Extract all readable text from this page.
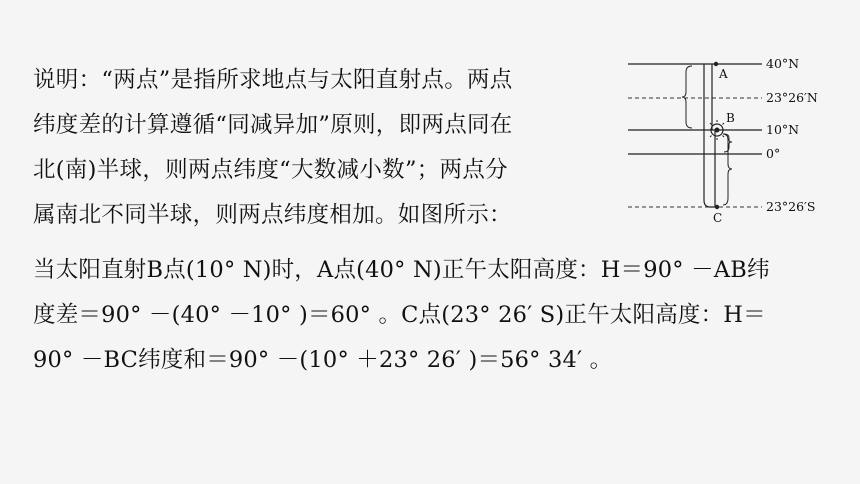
说明：“两点”是指所求地点与太阳直射点。两点
纬度差的计算遵循“同减异加”原则，即两点同在
北(南)半球，则两点纬度“大数减小数”；两点分
属南北不同半球，则两点纬度相加。如图所示：
A
B
C
40°N
23°26′N
10°N
0°
23°26′S
当太阳直射B点(10° N)时，A点(40° N)正午太阳高度：H＝90° －AB纬
度差＝90° －(40° －10° )＝60° 。C点(23° 26′ S)正午太阳高度：H＝
90° －BC纬度和＝90° －(10° ＋23° 26′ )＝56° 34′ 。
